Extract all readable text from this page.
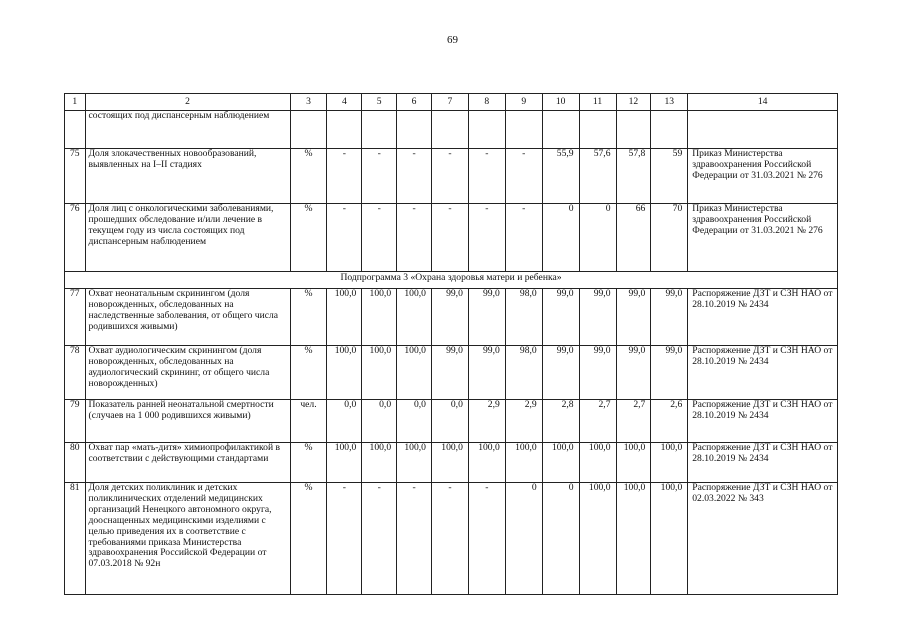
69
1	2	3	4	5	6	7	8	9	10	11	12	13	14
	состоящих под диспансерным наблюдением												
75	Доля злокачественных новообразований, выявленных на I–II стадиях	%	-	-	-	-	-	-	55,9	57,6	57,8	59	Приказ Министерства здравоохранения Российской Федерации от 31.03.2021 № 276
76	Доля лиц с онкологическими заболеваниями, прошедших обследование и/или лечение в текущем году из числа состоящих под диспансерным наблюдением	%	-	-	-	-	-	-	0	0	66	70	Приказ Министерства здравоохранения Российской Федерации от 31.03.2021 № 276
Подпрограмма 3 «Охрана здоровья матери и ребенка»													
77	Охват неонатальным скринингом (доля новорожденных, обследованных на наследственные заболевания, от общего числа родившихся живыми)	%	100,0	100,0	100,0	99,0	99,0	98,0	99,0	99,0	99,0	99,0	Распоряжение ДЗТ и СЗН НАО от 28.10.2019 № 2434
78	Охват аудиологическим скринингом (доля новорожденных, обследованных на аудиологический скрининг, от общего числа новорожденных)	%	100,0	100,0	100,0	99,0	99,0	98,0	99,0	99,0	99,0	99,0	Распоряжение ДЗТ и СЗН НАО от 28.10.2019 № 2434
79	Показатель ранней неонатальной смертности (случаев на 1 000 родившихся живыми)	чел.	0,0	0,0	0,0	0,0	2,9	2,9	2,8	2,7	2,7	2,6	Распоряжение ДЗТ и СЗН НАО от 28.10.2019 № 2434
80	Охват пар «мать-дитя» химиопрофилактикой в соответствии с действующими стандартами	%	100,0	100,0	100,0	100,0	100,0	100,0	100,0	100,0	100,0	100,0	Распоряжение ДЗТ и СЗН НАО от 28.10.2019 № 2434
81	Доля детских поликлиник и детских поликлинических отделений медицинских организаций Ненецкого автономного округа, дооснащенных медицинскими изделиями с целью приведения их в соответствие с требованиями приказа Министерства здравоохранения Российской Федерации от 07.03.2018 № 92н	%	-	-	-	-	-	0	0	100,0	100,0	100,0	Распоряжение ДЗТ и СЗН НАО от 02.03.2022 № 343
